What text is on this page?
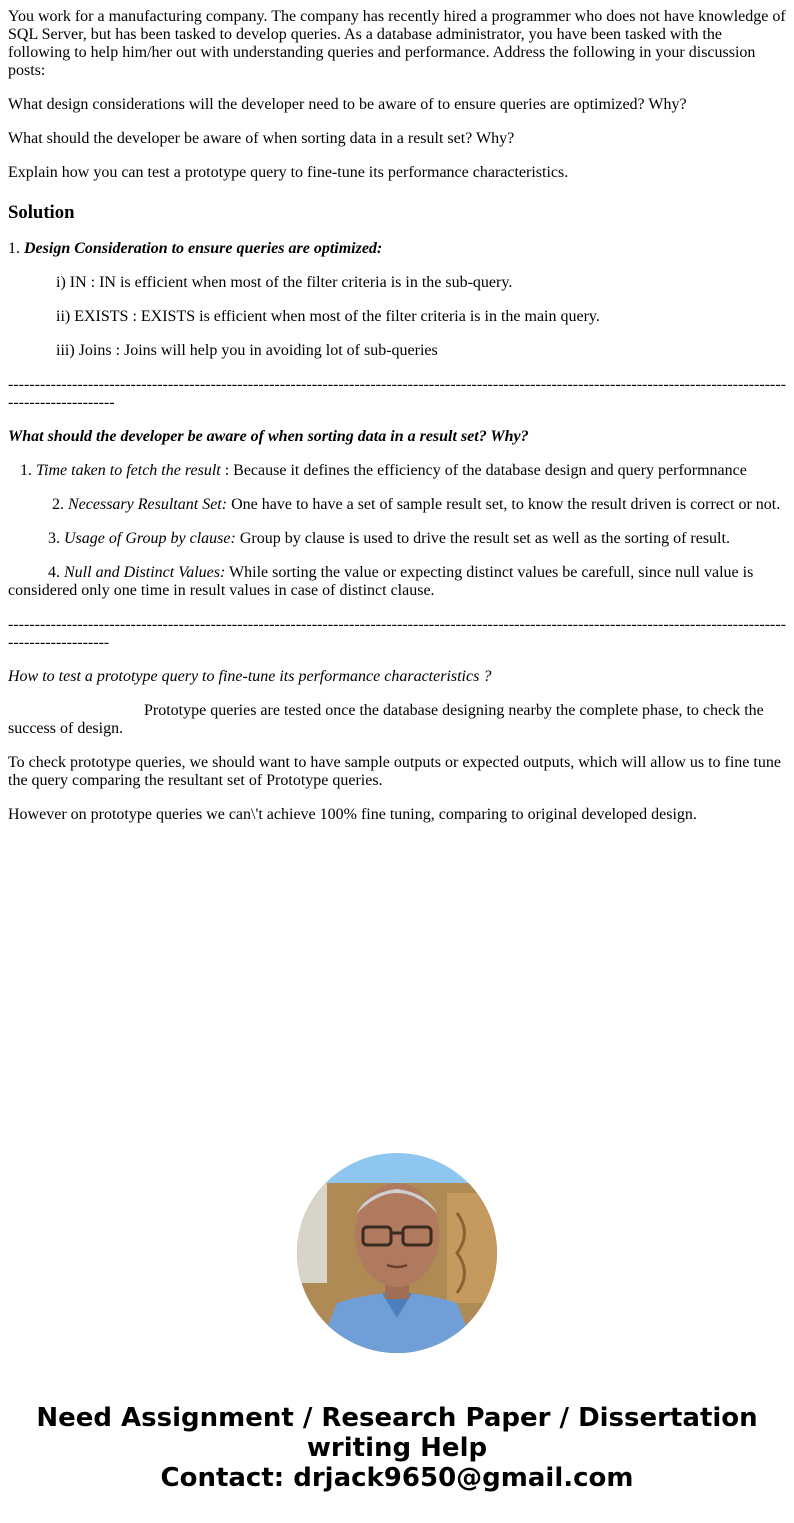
You work for a manufacturing company. The company has recently hired a programmer who does not have knowledge of SQL Server, but has been tasked to develop queries. As a database administrator, you have been tasked with the following to help him/her out with understanding queries and performance. Address the following in your discussion posts:

What design considerations will the developer need to be aware of to ensure queries are optimized? Why?

What should the developer be aware of when sorting data in a result set? Why?

Explain how you can test a prototype query to fine-tune its performance characteristics.

Solution

1. Design Consideration to ensure queries are optimized:

i) IN : IN is efficient when most of the filter criteria is in the sub-query.

ii) EXISTS : EXISTS is efficient when most of the filter criteria is in the main query.

iii) Joins : Joins will help you in avoiding lot of sub-queries

----------------------------------------------------------------------------------------------------------------------------------------------------------------------

What should the developer be aware of when sorting data in a result set? Why?

1. Time taken to fetch the result : Because it defines the efficiency of the database design and query performnance

2. Necessary Resultant Set: One have to have a set of sample result set, to know the result driven is correct or not.

3. Usage of Group by clause: Group by clause is used to drive the result set as well as the sorting of result.

4. Null and Distinct Values: While sorting the value or expecting distinct values be carefull, since null value is considered only one time in result values in case of distinct clause.

---------------------------------------------------------------------------------------------------------------------------------------------------------------------

How to test a prototype query to fine-tune its performance characteristics ?

Prototype queries are tested once the database designing nearby the complete phase, to check the success of design.

To check prototype queries, we should want to have sample outputs or expected outputs, which will allow us to fine tune the query comparing the resultant set of Prototype queries.

However on prototype queries we can\'t achieve 100% fine tuning, comparing to original developed design.

Need Assignment / Research Paper / Dissertation
writing Help
Contact: drjack9650@gmail.com
